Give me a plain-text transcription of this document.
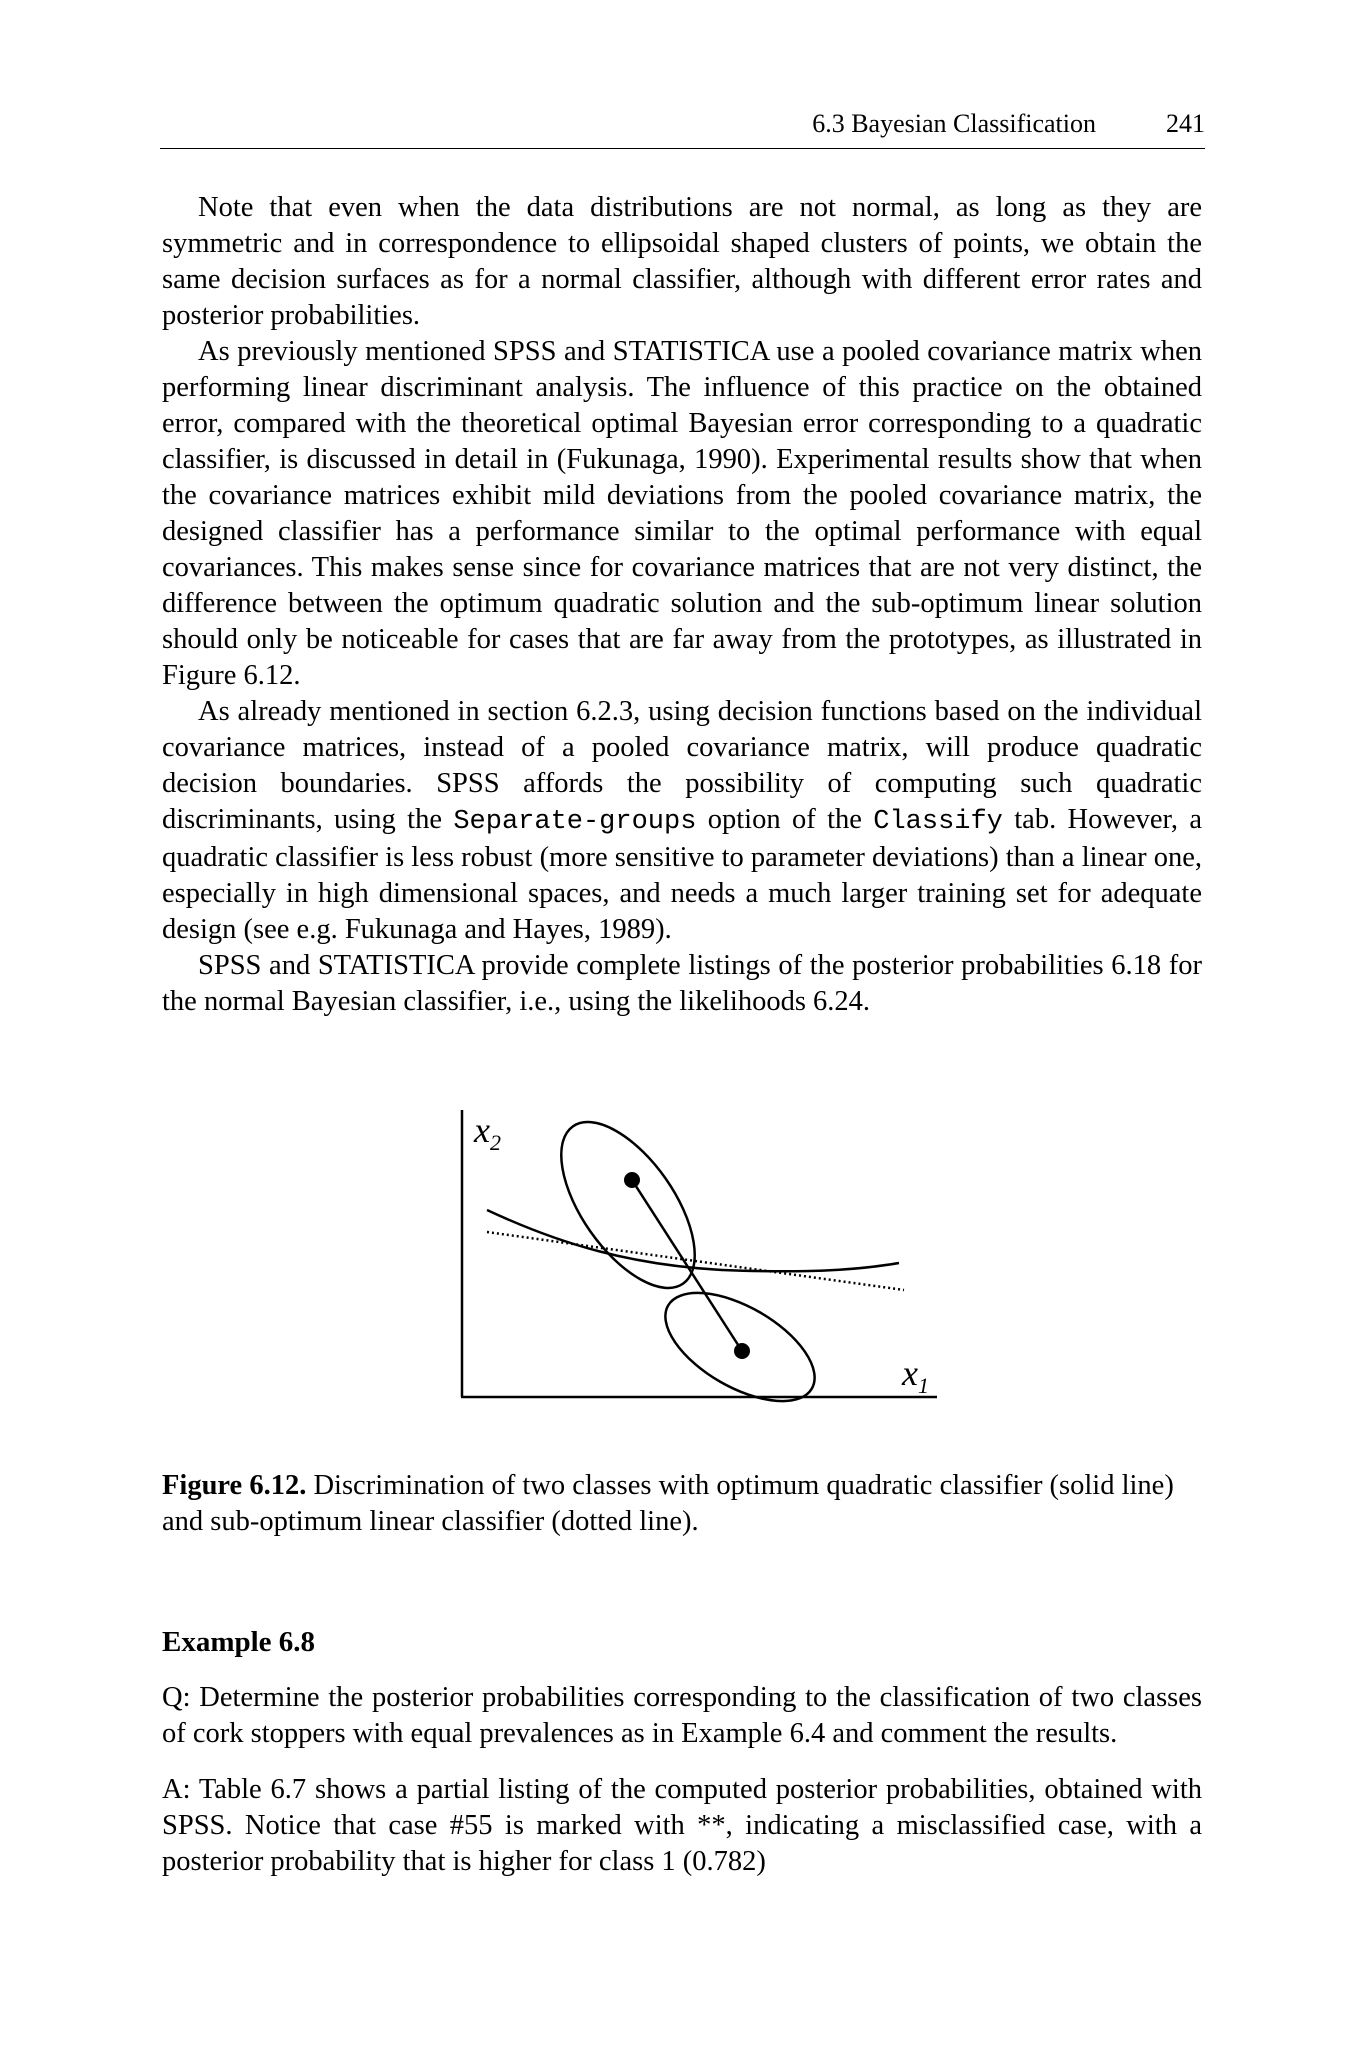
6.3 Bayesian Classification	241

Note that even when the data distributions are not normal, as long as they are symmetric and in correspondence to ellipsoidal shaped clusters of points, we obtain the same decision surfaces as for a normal classifier, although with different error rates and posterior probabilities.

As previously mentioned SPSS and STATISTICA use a pooled covariance matrix when performing linear discriminant analysis. The influence of this practice on the obtained error, compared with the theoretical optimal Bayesian error corresponding to a quadratic classifier, is discussed in detail in (Fukunaga, 1990). Experimental results show that when the covariance matrices exhibit mild deviations from the pooled covariance matrix, the designed classifier has a performance similar to the optimal performance with equal covariances. This makes sense since for covariance matrices that are not very distinct, the difference between the optimum quadratic solution and the sub-optimum linear solution should only be noticeable for cases that are far away from the prototypes, as illustrated in Figure 6.12.

As already mentioned in section 6.2.3, using decision functions based on the individual covariance matrices, instead of a pooled covariance matrix, will produce quadratic decision boundaries. SPSS affords the possibility of computing such quadratic discriminants, using the Separate-groups option of the Classify tab. However, a quadratic classifier is less robust (more sensitive to parameter deviations) than a linear one, especially in high dimensional spaces, and needs a much larger training set for adequate design (see e.g. Fukunaga and Hayes, 1989).

SPSS and STATISTICA provide complete listings of the posterior probabilities 6.18 for the normal Bayesian classifier, i.e., using the likelihoods 6.24.

$x_2$
$x_1$
Figure 6.12. Discrimination of two classes with optimum quadratic classifier (solid line) and sub-optimum linear classifier (dotted line).
Example 6.8

Q: Determine the posterior probabilities corresponding to the classification of two classes of cork stoppers with equal prevalences as in Example 6.4 and comment the results.

A: Table 6.7 shows a partial listing of the computed posterior probabilities, obtained with SPSS. Notice that case #55 is marked with **, indicating a misclassified case, with a posterior probability that is higher for class 1 (0.782)
